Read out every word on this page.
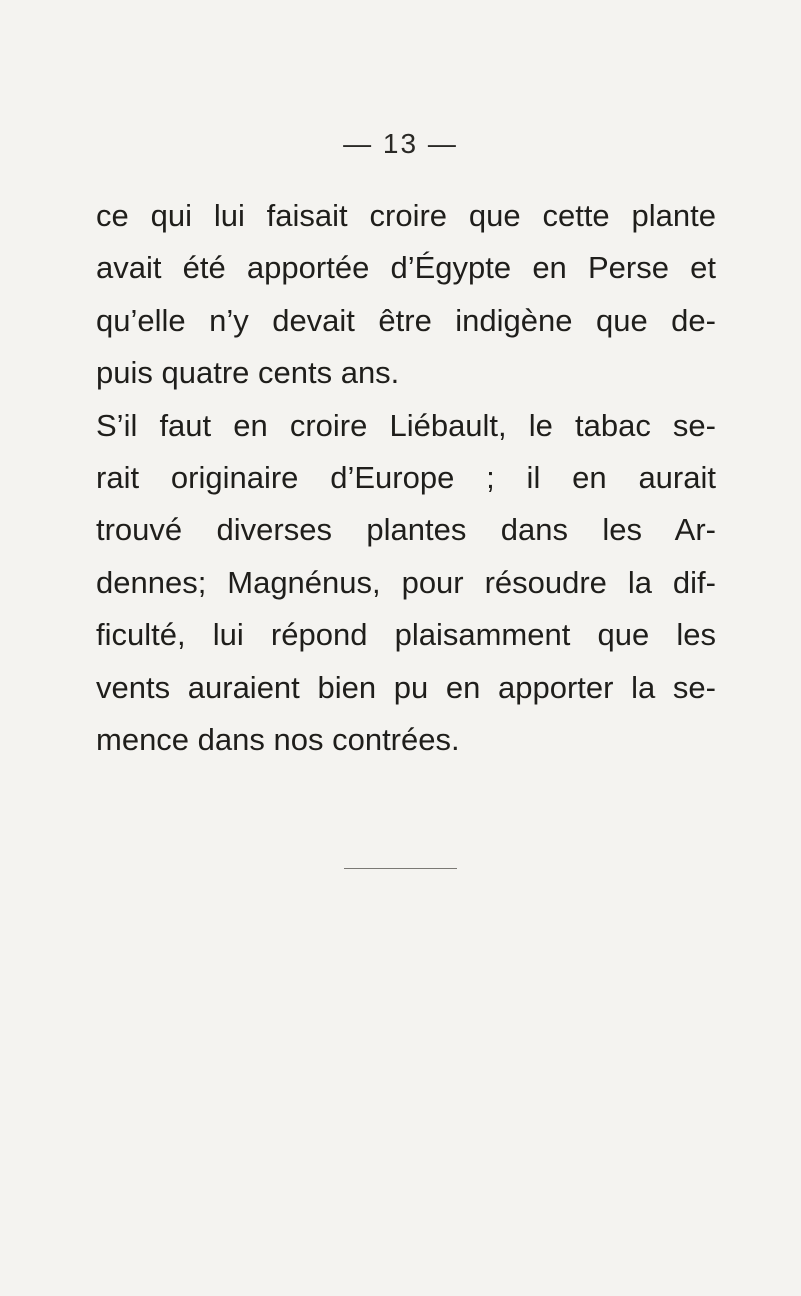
— 13 —
ce qui lui faisait croire que cette plante
avait été apportée d’Égypte en Perse et
qu’elle n’y devait être indigène que de-
puis quatre cents ans.
S’il faut en croire Liébault, le tabac se-
rait originaire d’Europe ; il en aurait
trouvé diverses plantes dans les Ar-
dennes; Magnénus, pour résoudre la dif-
ficulté, lui répond plaisamment que les
vents auraient bien pu en apporter la se-
mence dans nos contrées.
